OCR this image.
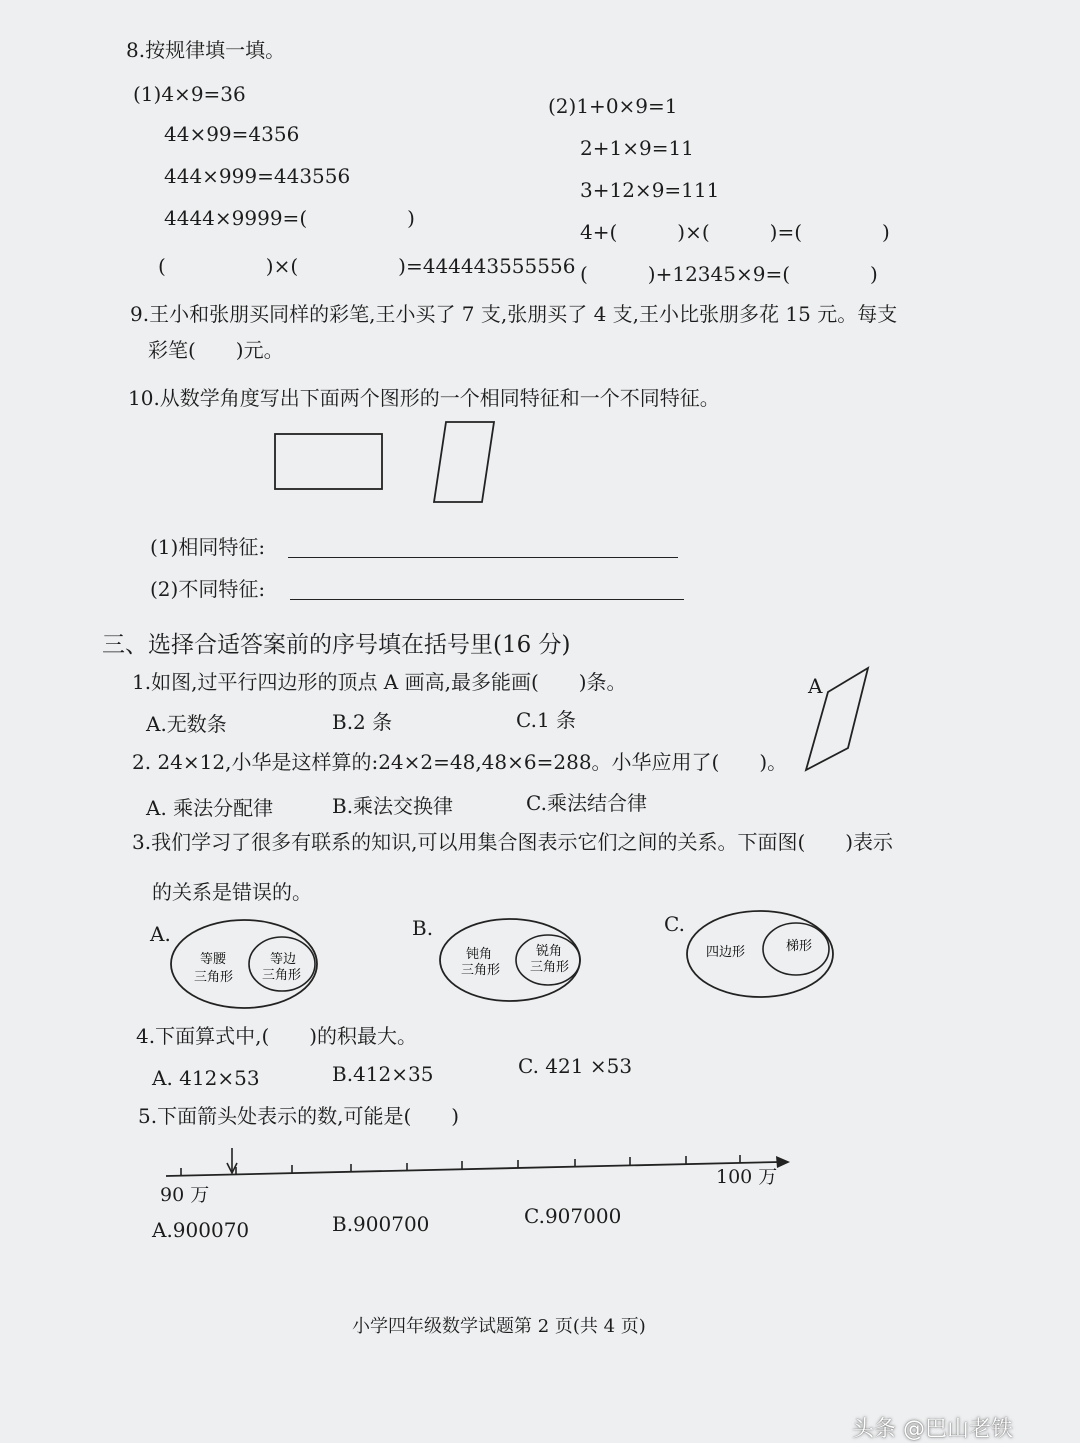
8.按规律填一填。
(1)4×9=36
44×99=4356
444×999=443556
4444×9999=(　　　　　)
(　　　　　)×(　　　　　)=444443555556
(2)1+0×9=1
2+1×9=11
3+12×9=111
4+(　　　)×(　　　)=(　　　　)
(　　　)+12345×9=(　　　　)
9.王小和张朋买同样的彩笔,王小买了 7 支,张朋买了 4 支,王小比张朋多花 15 元。每支
彩笔(　　)元。
10.从数学角度写出下面两个图形的一个相同特征和一个不同特征。
(1)相同特征:
(2)不同特征:
三、选择合适答案前的序号填在括号里(16 分)
1.如图,过平行四边形的顶点 A 画高,最多能画(　　)条。
A.无数条	B.2 条	C.1 条
A
2. 24×12,小华是这样算的:24×2=48,48×6=288。小华应用了(　　)。
A. 乘法分配律	B.乘法交换律	C.乘法结合律
3.我们学习了很多有联系的知识,可以用集合图表示它们之间的关系。下面图(　　)表示
的关系是错误的。
A.	B.	C.
等腰
三角形
等边
三角形
钝角
三角形
锐角
三角形
四边形	梯形
4.下面算式中,(　　)的积最大。
A. 412×53	B.412×35	C. 421 ×53
5.下面箭头处表示的数,可能是(　　)
90 万
100 万
A.900070	B.900700	C.907000
小学四年级数学试题第 2 页(共 4 页)
头条 @巴山老铁
